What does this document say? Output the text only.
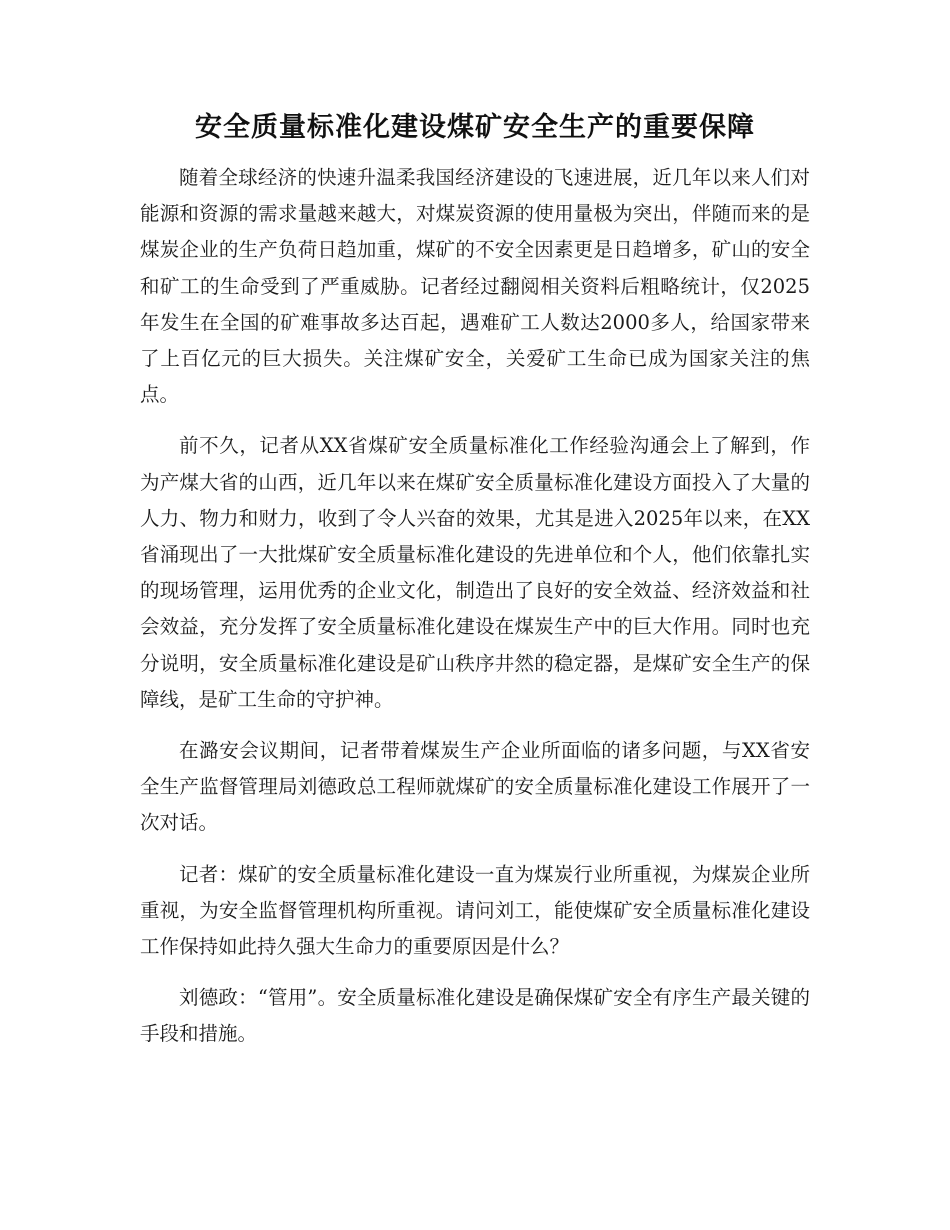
安全质量标准化建设煤矿安全生产的重要保障

随着全球经济的快速升温柔我国经济建设的飞速进展，近几年以来人们对能源和资源的需求量越来越大，对煤炭资源的使用量极为突出，伴随而来的是煤炭企业的生产负荷日趋加重，煤矿的不安全因素更是日趋增多，矿山的安全和矿工的生命受到了严重威胁。记者经过翻阅相关资料后粗略统计，仅2025年发生在全国的矿难事故多达百起，遇难矿工人数达2000多人，给国家带来了上百亿元的巨大损失。关注煤矿安全，关爱矿工生命已成为国家关注的焦点。

前不久，记者从XX省煤矿安全质量标准化工作经验沟通会上了解到，作为产煤大省的山西，近几年以来在煤矿安全质量标准化建设方面投入了大量的人力、物力和财力，收到了令人兴奋的效果，尤其是进入2025年以来，在XX省涌现出了一大批煤矿安全质量标准化建设的先进单位和个人，他们依靠扎实的现场管理，运用优秀的企业文化，制造出了良好的安全效益、经济效益和社会效益，充分发挥了安全质量标准化建设在煤炭生产中的巨大作用。同时也充分说明，安全质量标准化建设是矿山秩序井然的稳定器，是煤矿安全生产的保障线，是矿工生命的守护神。

在潞安会议期间，记者带着煤炭生产企业所面临的诸多问题，与XX省安全生产监督管理局刘德政总工程师就煤矿的安全质量标准化建设工作展开了一次对话。

记者：煤矿的安全质量标准化建设一直为煤炭行业所重视，为煤炭企业所重视，为安全监督管理机构所重视。请问刘工，能使煤矿安全质量标准化建设工作保持如此持久强大生命力的重要原因是什么？

刘德政：“管用”。安全质量标准化建设是确保煤矿安全有序生产最关键的手段和措施。
